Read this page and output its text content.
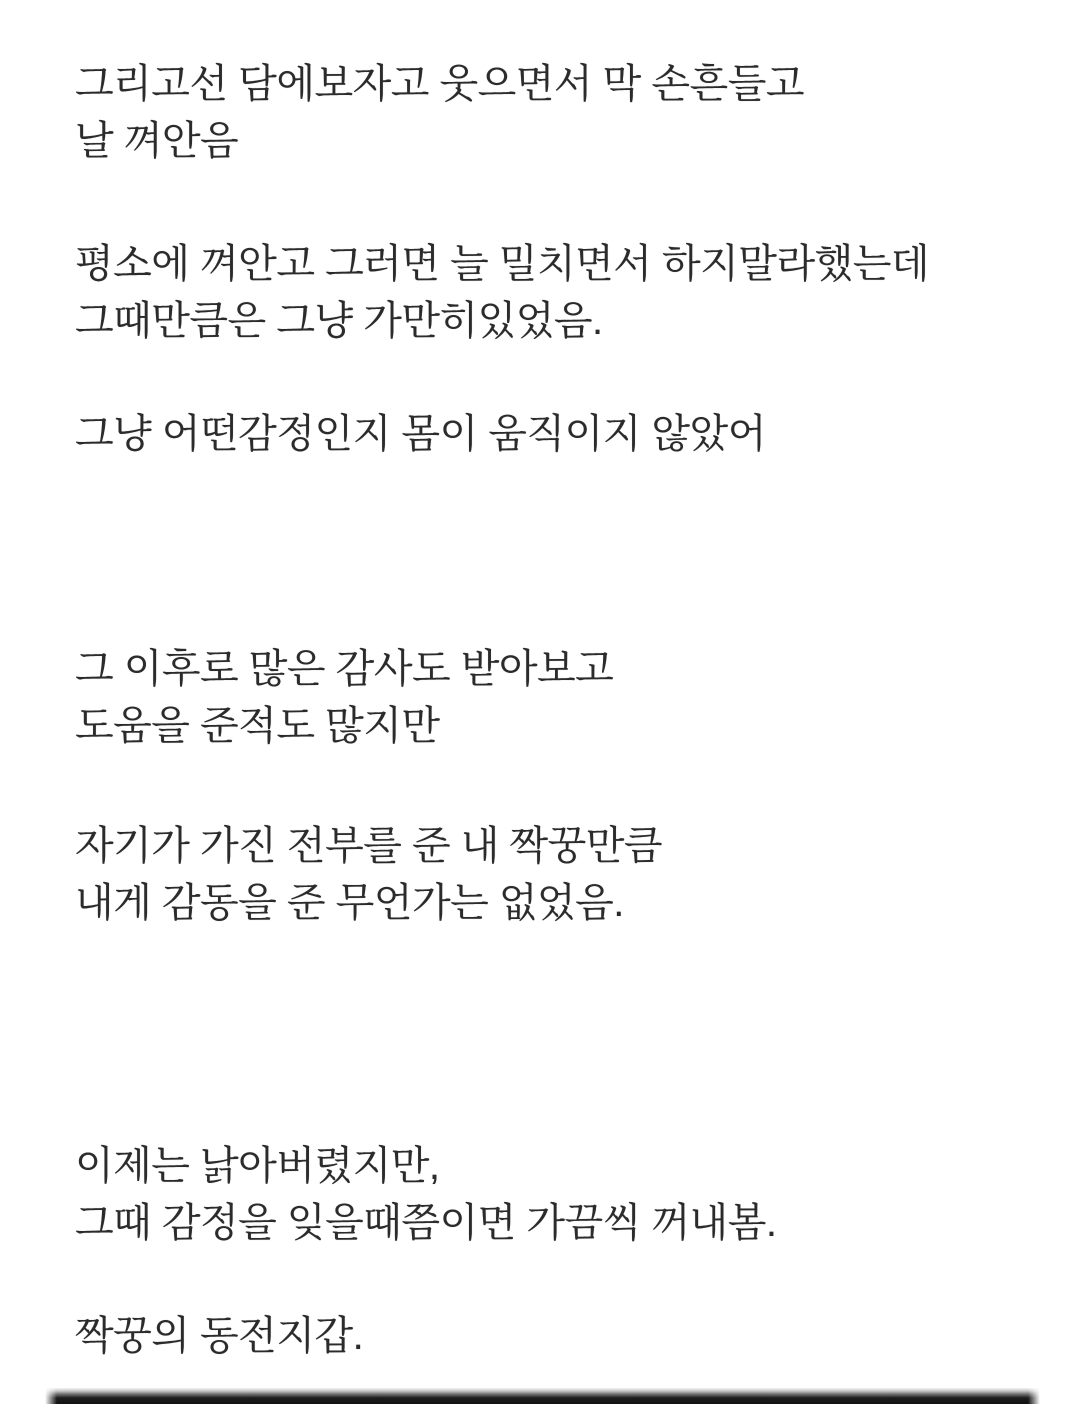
그리고선 담에보자고 웃으면서 막 손흔들고
날 껴안음
평소에 껴안고 그러면 늘 밀치면서 하지말라했는데
그때만큼은 그냥 가만히있었음.
그냥 어떤감정인지 몸이 움직이지 않았어
그 이후로 많은 감사도 받아보고
도움을 준적도 많지만
자기가 가진 전부를 준 내 짝꿍만큼
내게 감동을 준 무언가는 없었음.
이제는 낡아버렸지만,
그때 감정을 잊을때쯤이면 가끔씩 꺼내봄.
짝꿍의 동전지갑.
